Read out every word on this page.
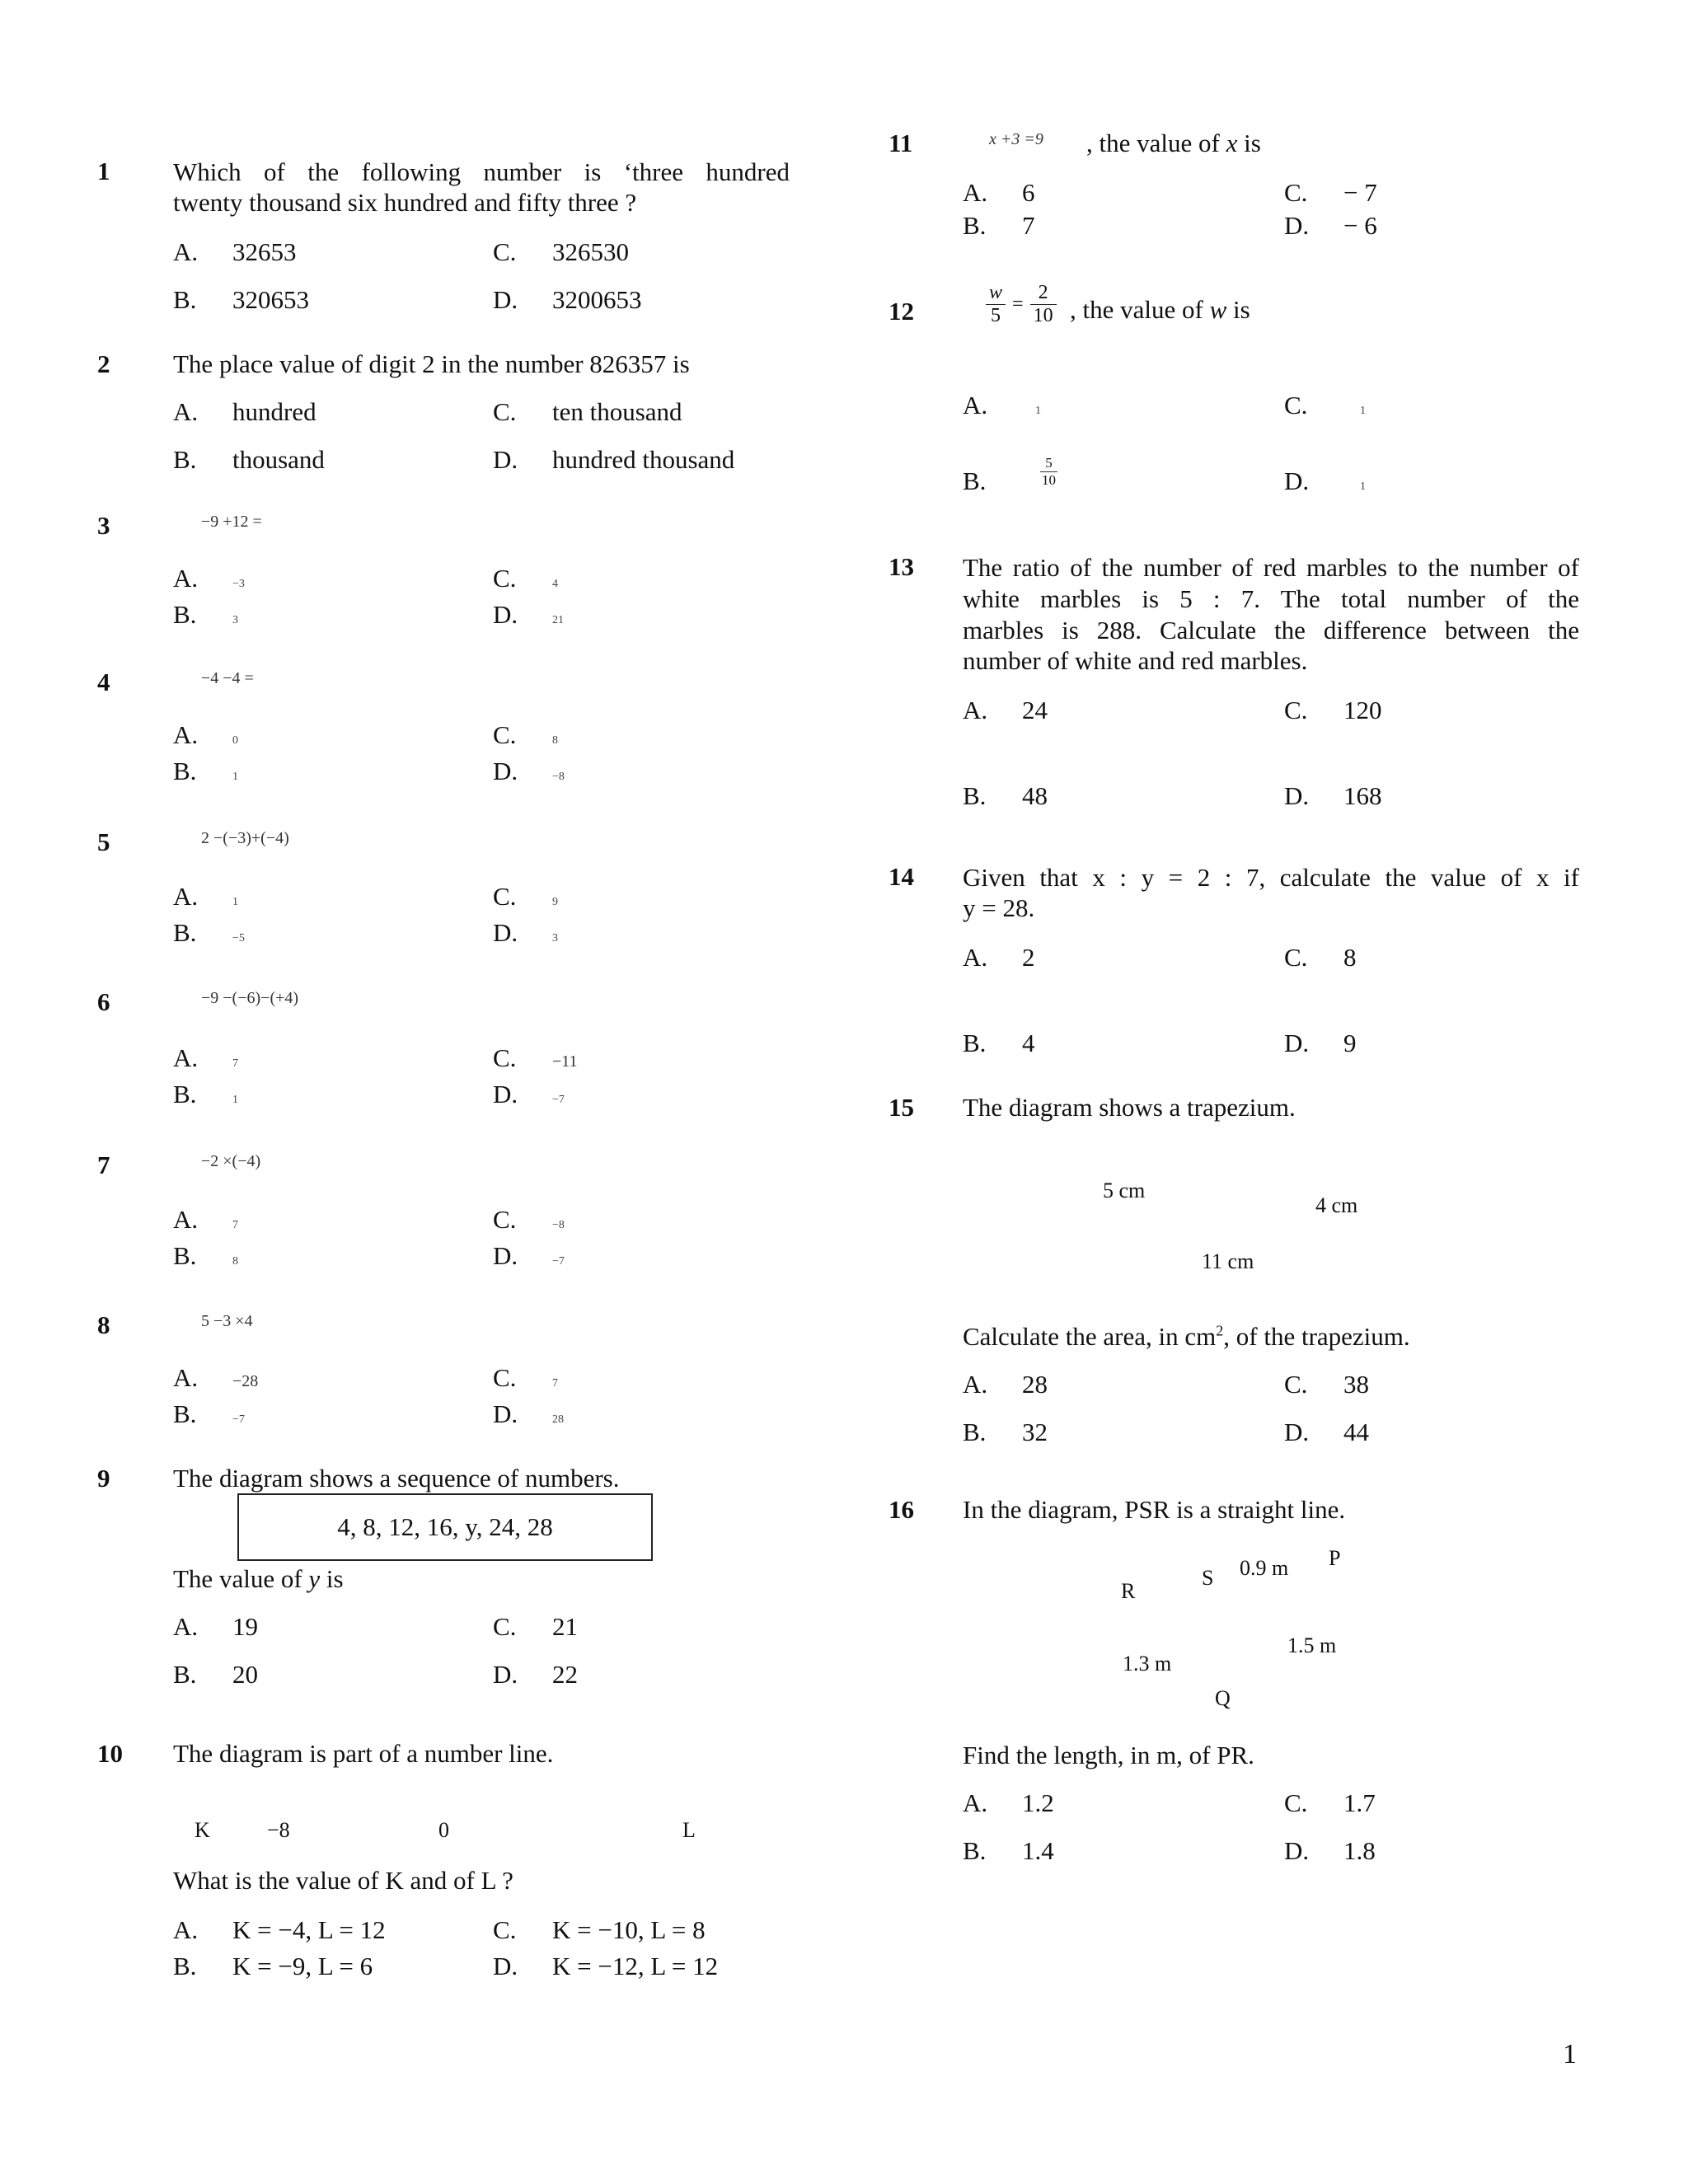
1 Which of the following number is ‘three hundred
twenty thousand six hundred and fifty three ?
A. 32653	C. 326530
B. 320653	D. 3200653
2 The place value of digit 2 in the number 826357 is
A. hundred	C. ten thousand
B. thousand	D. hundred thousand
3	−9 +12 =
A.	−3	C.	4
B.	3	D.	21
4	−4 −4 =
A.	0	C.	8
B.	1	D.	−8
5	2 −(−3)+(−4)
A.	1	C.	9
B.	−5	D.	3
6	−9 −(−6)−(+4)
A.	7	C. −11
B.	1	D.	−7
7	−2 ×(−4)
A.	7	C.	−8
B.	8	D.	−7
8	5 −3 ×4
A. −28	C.	7
B.	−7	D.	28
9 The diagram shows a sequence of numbers.
4, 8, 12, 16, y, 24, 28
The value of y is
A. 19	C. 21
B. 20	D. 22
10 The diagram is part of a number line.
K	−8	0	L
What is the value of K and of L ?
A. K = −4, L = 12	C. K = −10, L = 8
B. K = −9, L = 6	D. K = −12, L = 12
11	x +3 =9 , the value of x is
A. 6	C. − 7
B. 7	D. − 6
12	$\frac{w}{5} = \frac{2}{10}$ , the value of w is
A.	1	C.	1
B.	$\frac{5}{10}$	D.	1
13 The ratio of the number of red marbles to the number of
white marbles is 5 : 7. The total number of the
marbles is 288. Calculate the difference between the
number of white and red marbles.
A. 24	C. 120
B. 48	D. 168
14 Given that x : y = 2 : 7, calculate the value of x if
y = 28.
A. 2	C. 8
B. 4	D. 9
15 The diagram shows a trapezium.
5 cm
4 cm
11 cm
Calculate the area, in $cm^2$, of the trapezium.
A. 28	C. 38
B. 32	D. 44
16 In the diagram, PSR is a straight line.
R
S 0.9 m P
1.5 m
1.3 m
Q
Find the length, in m, of PR.
A. 1.2	C. 1.7
B. 1.4	D. 1.8
1
